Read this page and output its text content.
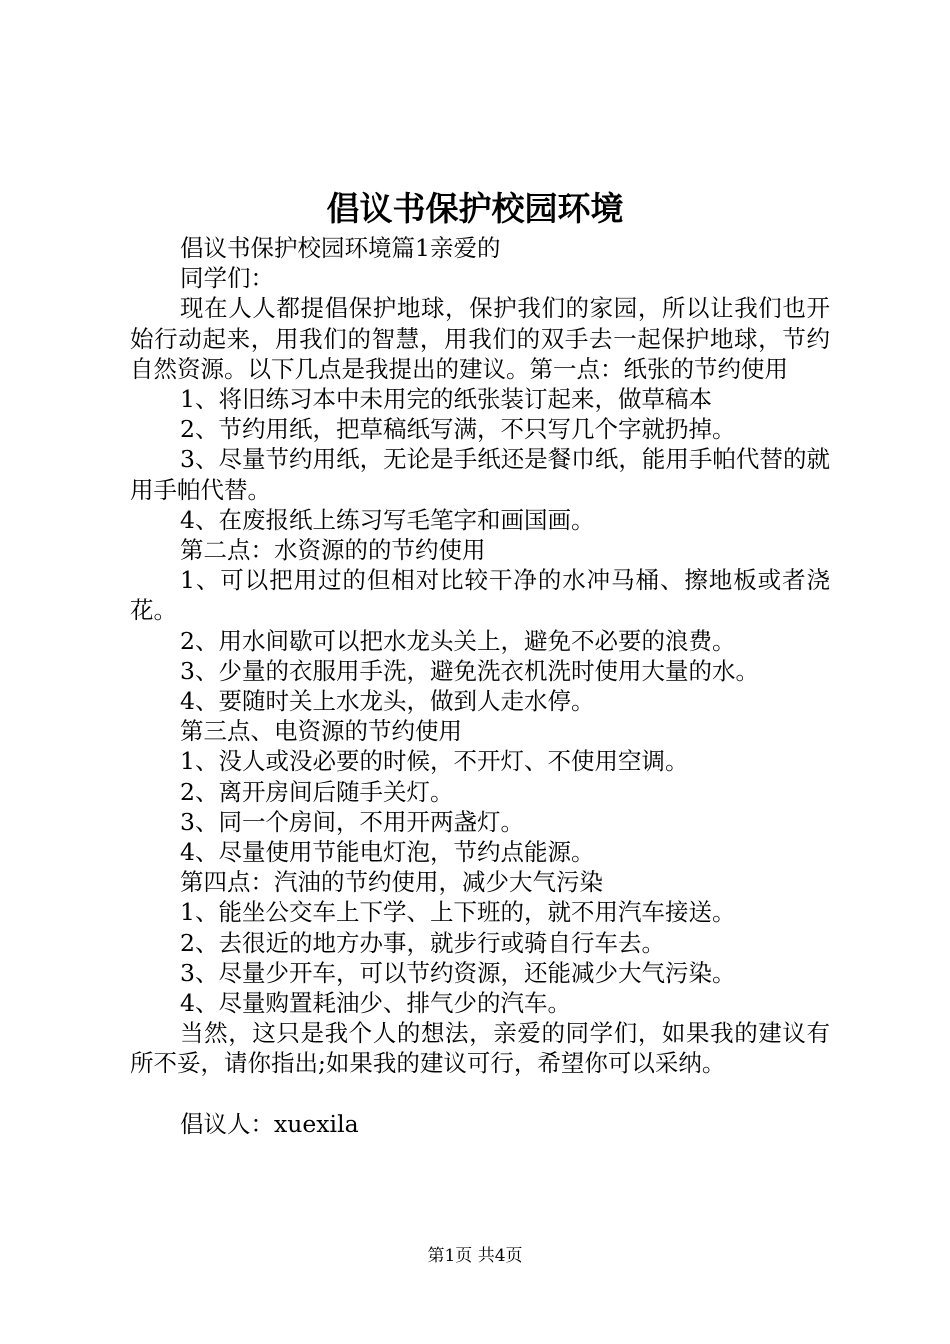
倡议书保护校园环境

倡议书保护校园环境篇1亲爱的

同学们：

现在人人都提倡保护地球，保护我们的家园，所以让我们也开始行动起来，用我们的智慧，用我们的双手去一起保护地球，节约自然资源。以下几点是我提出的建议。第一点：纸张的节约使用

1、将旧练习本中未用完的纸张装订起来，做草稿本

2、节约用纸，把草稿纸写满，不只写几个字就扔掉。

3、尽量节约用纸，无论是手纸还是餐巾纸，能用手帕代替的就用手帕代替。

4、在废报纸上练习写毛笔字和画国画。

第二点：水资源的的节约使用

1、可以把用过的但相对比较干净的水冲马桶、擦地板或者浇花。

2、用水间歇可以把水龙头关上，避免不必要的浪费。

3、少量的衣服用手洗，避免洗衣机洗时使用大量的水。

4、要随时关上水龙头，做到人走水停。

第三点、电资源的节约使用

1、没人或没必要的时候，不开灯、不使用空调。

2、离开房间后随手关灯。

3、同一个房间，不用开两盏灯。

4、尽量使用节能电灯泡，节约点能源。

第四点：汽油的节约使用，减少大气污染

1、能坐公交车上下学、上下班的，就不用汽车接送。

2、去很近的地方办事，就步行或骑自行车去。

3、尽量少开车，可以节约资源，还能减少大气污染。

4、尽量购置耗油少、排气少的汽车。

当然，这只是我个人的想法，亲爱的同学们，如果我的建议有所不妥，请你指出;如果我的建议可行，希望你可以采纳。

倡议人：xuexila

第1页 共4页
